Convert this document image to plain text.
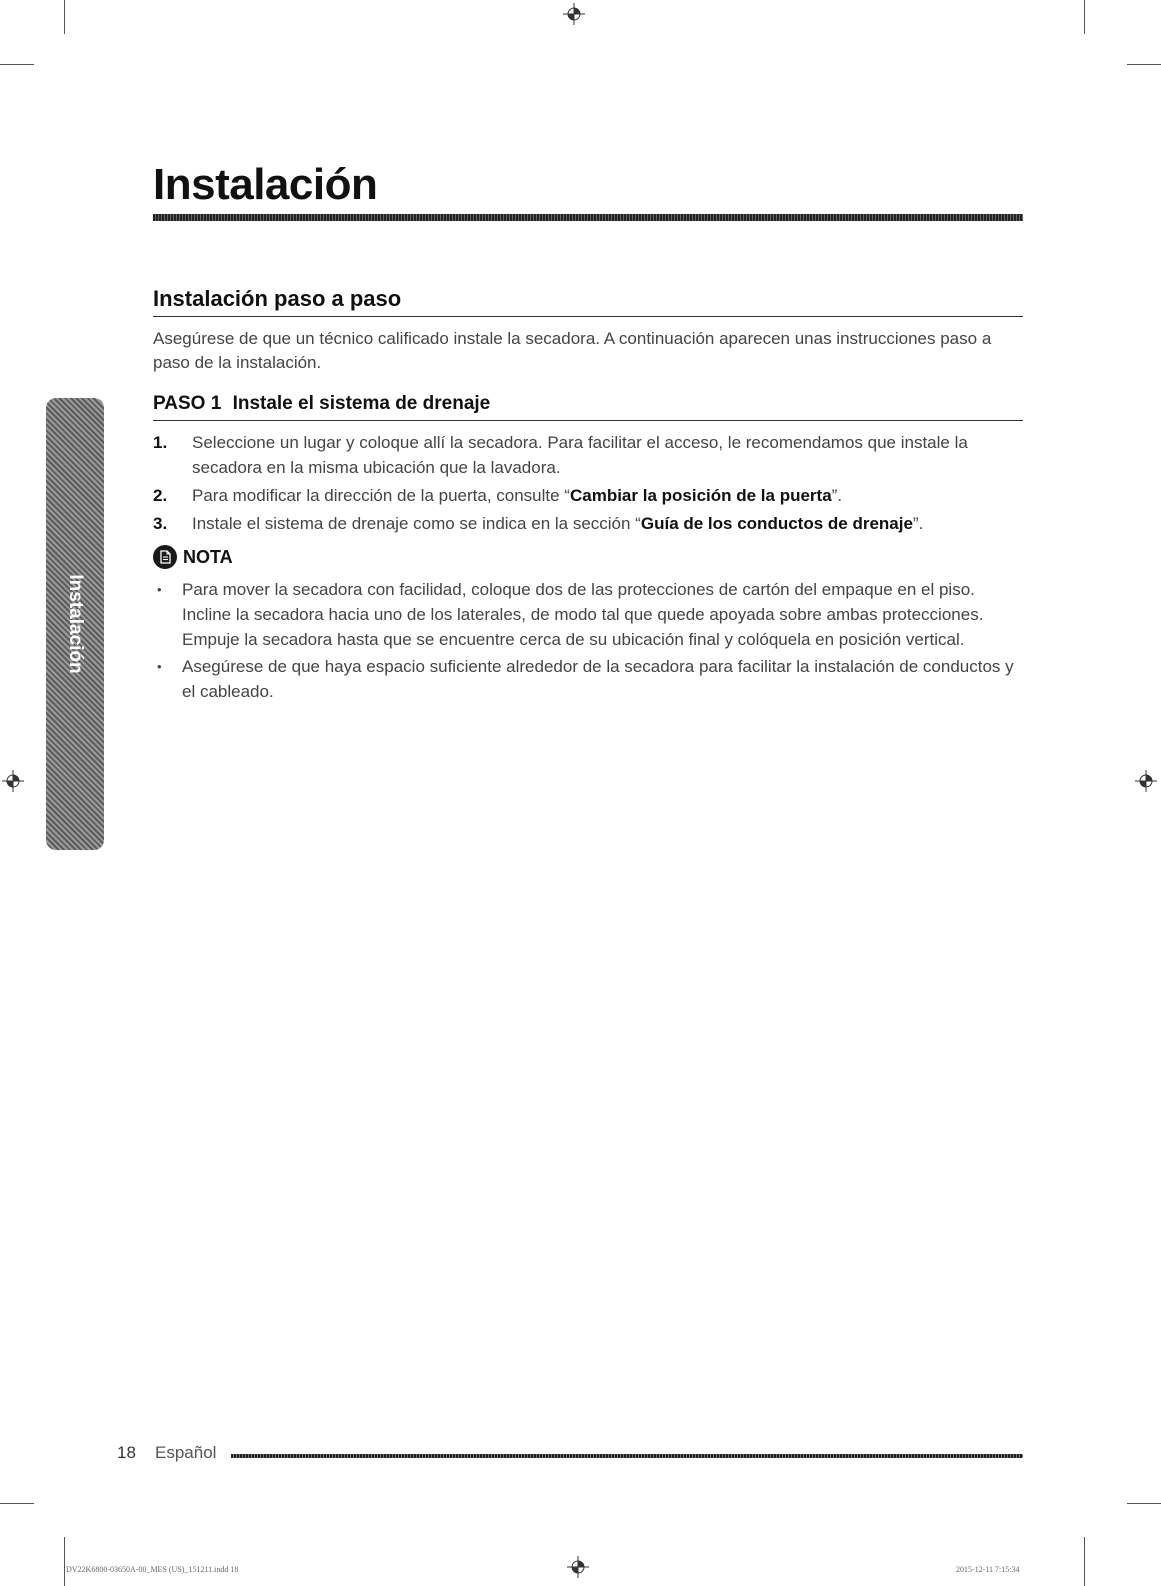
Instalación
Instalación
Instalación paso a paso

Asegúrese de que un técnico calificado instale la secadora. A continuación aparecen unas instrucciones paso a paso de la instalación.

PASO 1 Instale el sistema de drenaje
1. Seleccione un lugar y coloque allí la secadora. Para facilitar el acceso, le recomendamos que instale la secadora en la misma ubicación que la lavadora.
2. Para modificar la dirección de la puerta, consulte “Cambiar la posición de la puerta”.
3. Instale el sistema de drenaje como se indica en la sección “Guía de los conductos de drenaje”.
NOTA
• Para mover la secadora con facilidad, coloque dos de las protecciones de cartón del empaque en el piso. Incline la secadora hacia uno de los laterales, de modo tal que quede apoyada sobre ambas protecciones. Empuje la secadora hasta que se encuentre cerca de su ubicación final y colóquela en posición vertical.
• Asegúrese de que haya espacio suficiente alrededor de la secadora para facilitar la instalación de conductos y el cableado.
18 Español
DV22K6800-03650A-00_MES (US)_151211.indd 18	2015-12-11 7:15:34
